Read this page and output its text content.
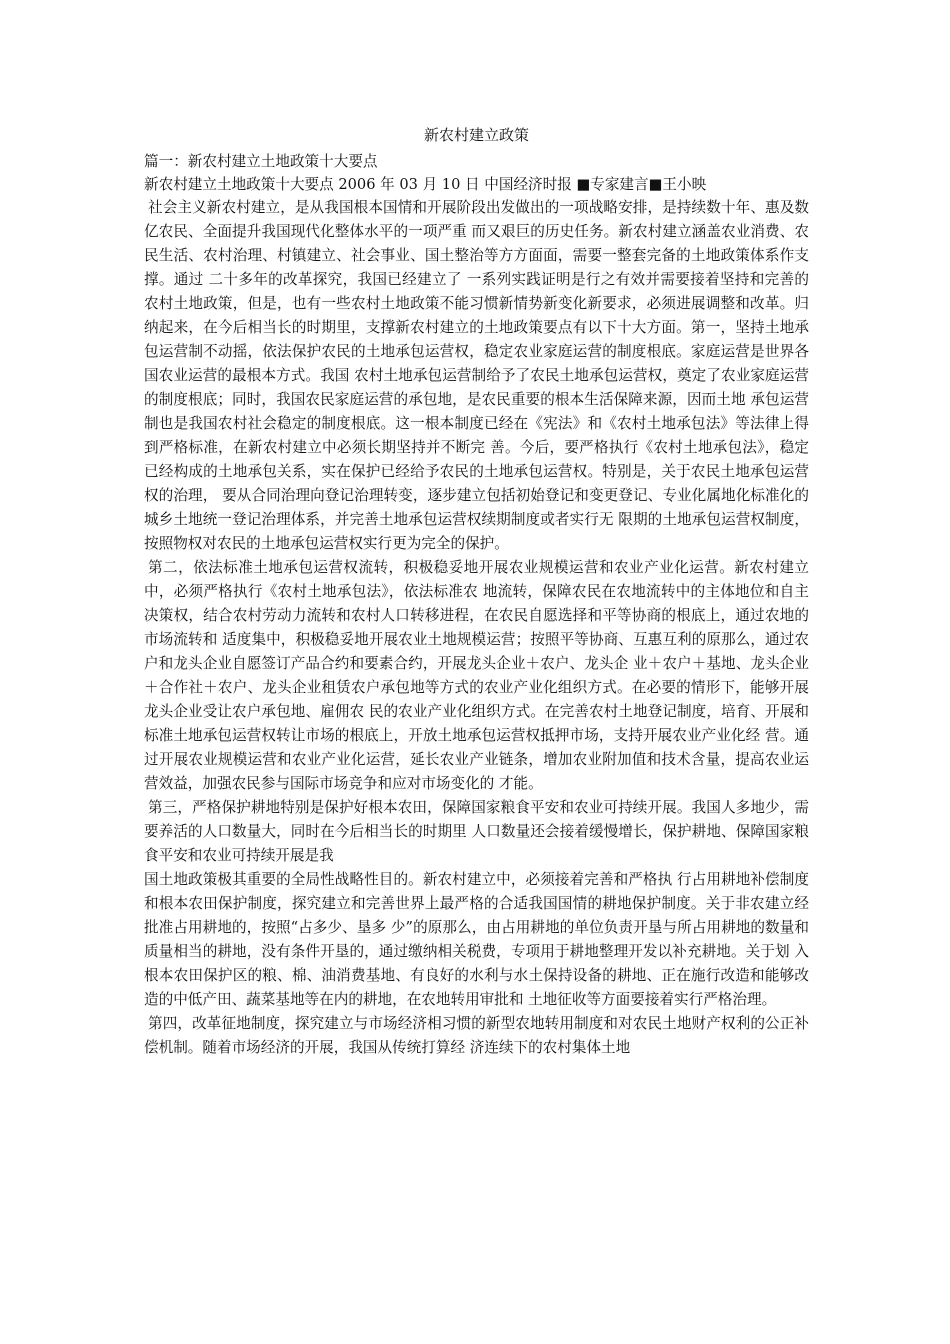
新农村建立政策
篇一：新农村建立土地政策十大要点
新农村建立土地政策十大要点 2006 年 03 月 10 日 中国经济时报 ■专家建言■王小映

社会主义新农村建立，是从我国根本国情和开展阶段出发做出的一项战略安排，是持续数十年、惠及数亿农民、全面提升我国现代化整体水平的一项严重 而又艰巨的历史任务。新农村建立涵盖农业消费、农民生活、农村治理、村镇建立、社会事业、国土整治等方方面面，需要一整套完备的土地政策体系作支撑。通过 二十多年的改革探究，我国已经建立了 一系列实践证明是行之有效并需要接着坚持和完善的农村土地政策，但是，也有一些农村土地政策不能习惯新情势新变化新要求，必须进展调整和改革。归纳起来，在今后相当长的时期里，支撑新农村建立的土地政策要点有以下十大方面。第一，坚持土地承包运营制不动摇，依法保护农民的土地承包运营权，稳定农业家庭运营的制度根底。家庭运营是世界各国农业运营的最根本方式。我国 农村土地承包运营制给予了农民土地承包运营权，奠定了农业家庭运营的制度根底；同时，我国农民家庭运营的承包地，是农民重要的根本生活保障来源，因而土地 承包运营制也是我国农村社会稳定的制度根底。这一根本制度已经在《宪法》和《农村土地承包法》等法律上得到严格标准，在新农村建立中必须长期坚持并不断完 善。今后，要严格执行《农村土地承包法》，稳定已经构成的土地承包关系，实在保护已经给予农民的土地承包运营权。特别是，关于农民土地承包运营权的治理， 要从合同治理向登记治理转变，逐步建立包括初始登记和变更登记、专业化属地化标准化的城乡土地统一登记治理体系，并完善土地承包运营权续期制度或者实行无 限期的土地承包运营权制度，按照物权对农民的土地承包运营权实行更为完全的保护。

第二，依法标准土地承包运营权流转，积极稳妥地开展农业规模运营和农业产业化运营。新农村建立中，必须严格执行《农村土地承包法》，依法标准农 地流转，保障农民在农地流转中的主体地位和自主决策权，结合农村劳动力流转和农村人口转移进程，在农民自愿选择和平等协商的根底上，通过农地的市场流转和 适度集中，积极稳妥地开展农业土地规模运营；按照平等协商、互惠互利的原那么，通过农户和龙头企业自愿签订产品合约和要素合约，开展龙头企业＋农户、龙头企 业＋农户＋基地、龙头企业＋合作社＋农户、龙头企业租赁农户承包地等方式的农业产业化组织方式。在必要的情形下，能够开展龙头企业受让农户承包地、雇佣农 民的农业产业化组织方式。在完善农村土地登记制度，培育、开展和标准土地承包运营权转让市场的根底上，开放土地承包运营权抵押市场，支持开展农业产业化经 营。通过开展农业规模运营和农业产业化运营，延长农业产业链条，增加农业附加值和技术含量，提高农业运营效益，加强农民参与国际市场竞争和应对市场变化的 才能。

第三，严格保护耕地特别是保护好根本农田，保障国家粮食平安和农业可持续开展。我国人多地少，需要养活的人口数量大，同时在今后相当长的时期里 人口数量还会接着缓慢增长，保护耕地、保障国家粮食平安和农业可持续开展是我

国土地政策极其重要的全局性战略性目的。新农村建立中，必须接着完善和严格执 行占用耕地补偿制度和根本农田保护制度，探究建立和完善世界上最严格的合适我国国情的耕地保护制度。关于非农建立经批准占用耕地的，按照“占多少、垦多 少”的原那么，由占用耕地的单位负责开垦与所占用耕地的数量和质量相当的耕地，没有条件开垦的，通过缴纳相关税费，专项用于耕地整理开发以补充耕地。关于划 入根本农田保护区的粮、棉、油消费基地、有良好的水利与水土保持设备的耕地、正在施行改造和能够改造的中低产田、蔬菜基地等在内的耕地，在农地转用审批和 土地征收等方面要接着实行严格治理。

第四，改革征地制度，探究建立与市场经济相习惯的新型农地转用制度和对农民土地财产权利的公正补偿机制。随着市场经济的开展，我国从传统打算经 济连续下的农村集体土地
